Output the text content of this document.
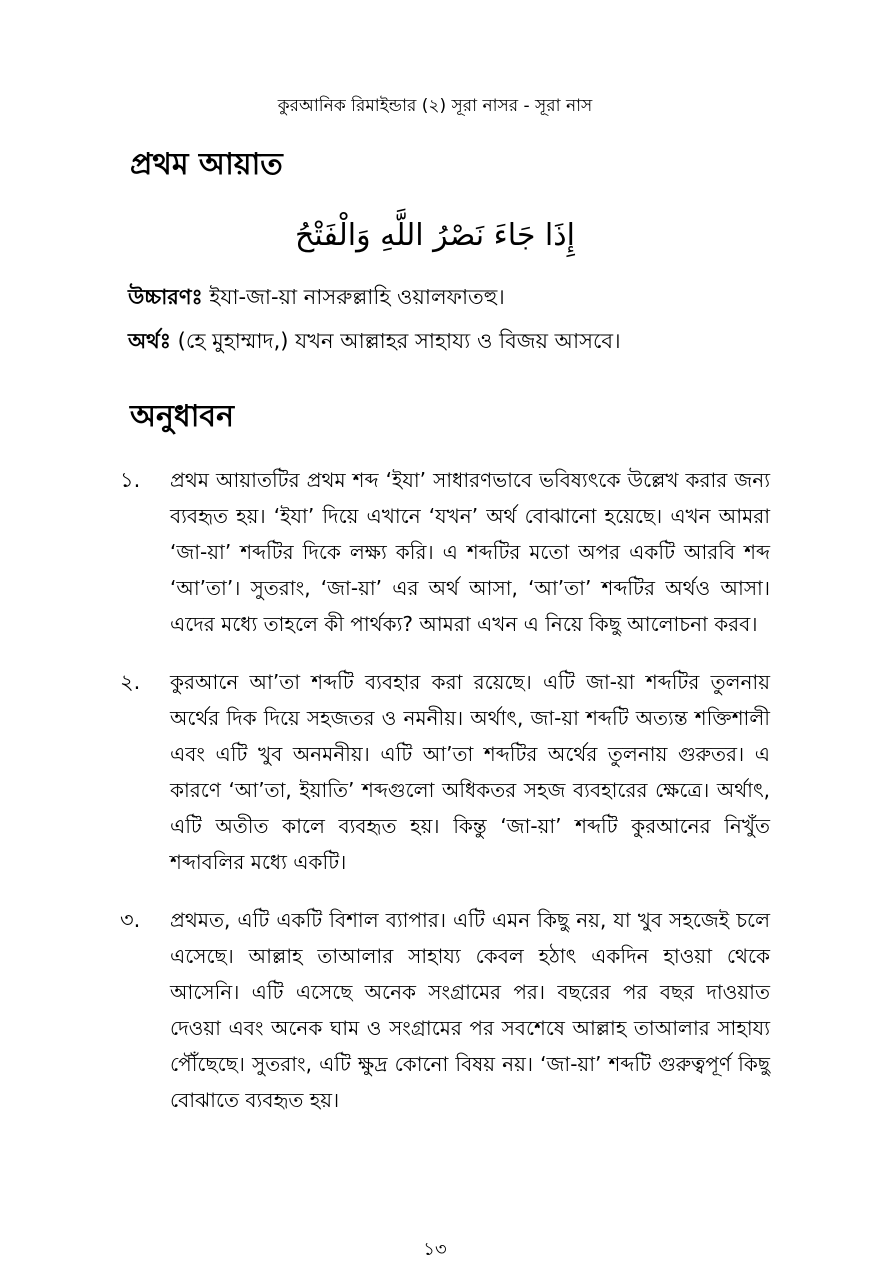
কুরআনিক রিমাইন্ডার (২) সূরা নাসর - সূরা নাস
প্রথম আয়াত
إِذَا جَاءَ نَصْرُ اللَّهِ وَالْفَتْحُ

উচ্চারণঃ ইযা-জা-য়া নাসরুল্লাহি ওয়ালফাতহু।

অর্থঃ (হে মুহাম্মাদ,) যখন আল্লাহর সাহায্য ও বিজয় আসবে।

অনুধাবন
১. প্রথম আয়াতটির প্রথম শব্দ ‘ইযা’ সাধারণভাবে ভবিষ্যৎকে উল্লেখ করার জন্য ব্যবহৃত হয়। ‘ইযা’ দিয়ে এখানে ‘যখন’ অর্থ বোঝানো হয়েছে। এখন আমরা ‘জা-য়া’ শব্দটির দিকে লক্ষ্য করি। এ শব্দটির মতো অপর একটি আরবি শব্দ ‘আ’তা’। সুতরাং, ‘জা-য়া’ এর অর্থ আসা, ‘আ’তা’ শব্দটির অর্থও আসা। এদের মধ্যে তাহলে কী পার্থক্য? আমরা এখন এ নিয়ে কিছু আলোচনা করব।

২. কুরআনে আ’তা শব্দটি ব্যবহার করা রয়েছে। এটি জা-য়া শব্দটির তুলনায় অর্থের দিক দিয়ে সহজতর ও নমনীয়। অর্থাৎ, জা-য়া শব্দটি অত্যন্ত শক্তিশালী এবং এটি খুব অনমনীয়। এটি আ’তা শব্দটির অর্থের তুলনায় গুরুতর। এ কারণে ‘আ’তা, ইয়াতি’ শব্দগুলো অধিকতর সহজ ব্যবহারের ক্ষেত্রে। অর্থাৎ, এটি অতীত কালে ব্যবহৃত হয়। কিন্তু ‘জা-য়া’ শব্দটি কুরআনের নিখুঁত শব্দাবলির মধ্যে একটি।

৩. প্রথমত, এটি একটি বিশাল ব্যাপার। এটি এমন কিছু নয়, যা খুব সহজেই চলে এসেছে। আল্লাহ তাআলার সাহায্য কেবল হঠাৎ একদিন হাওয়া থেকে আসেনি। এটি এসেছে অনেক সংগ্রামের পর। বছরের পর বছর দাওয়াত দেওয়া এবং অনেক ঘাম ও সংগ্রামের পর সবশেষে আল্লাহ তাআলার সাহায্য পৌঁছেছে। সুতরাং, এটি ক্ষুদ্র কোনো বিষয় নয়। ‘জা-য়া’ শব্দটি গুরুত্বপূর্ণ কিছু বোঝাতে ব্যবহৃত হয়।

১৩
